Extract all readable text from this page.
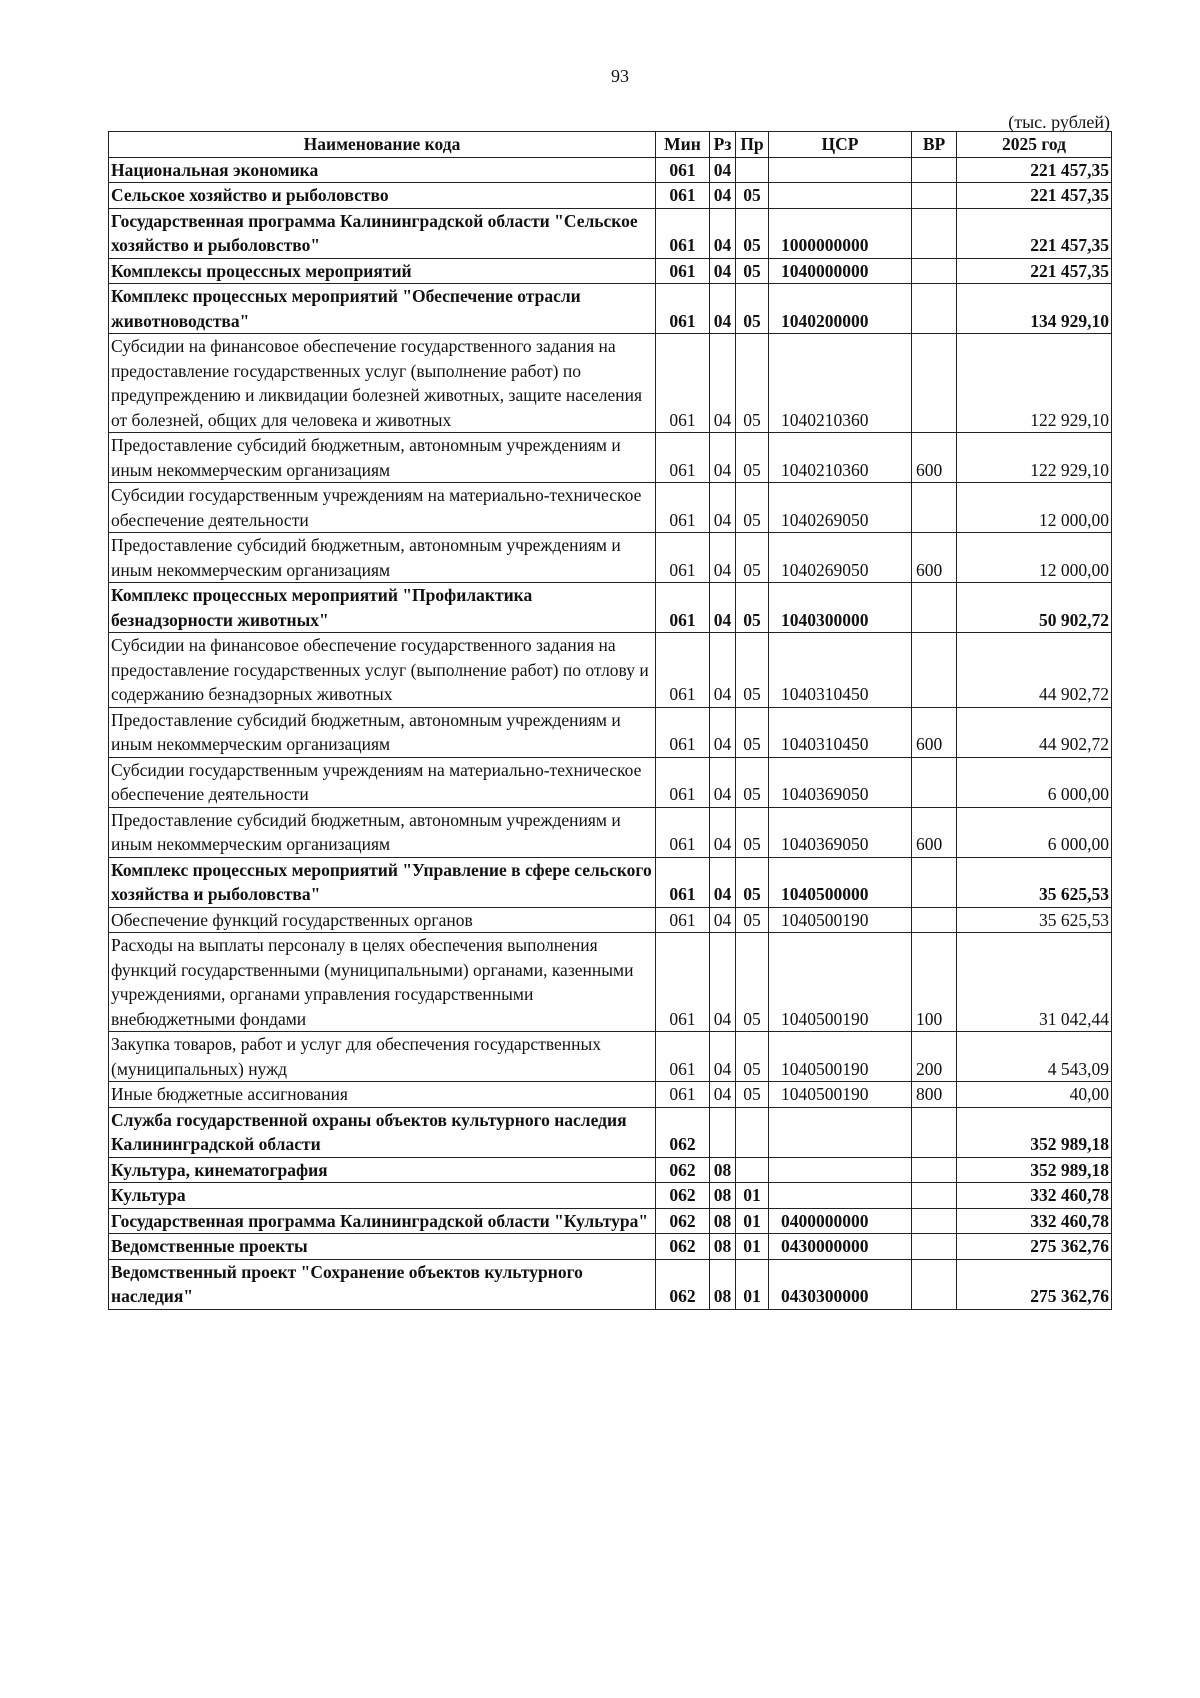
93
(тыс. рублей)
Наименование кода	Мин	Рз	Пр	ЦСР	ВР	2025 год
Национальная экономика	061	04				221 457,35
Сельское хозяйство и рыболовство	061	04	05			221 457,35
Государственная программа Калининградской области "Сельское хозяйство и рыболовство"	061	04	05	1000000000		221 457,35
Комплексы процессных мероприятий	061	04	05	1040000000		221 457,35
Комплекс процессных мероприятий "Обеспечение отрасли животноводства"	061	04	05	1040200000		134 929,10
Субсидии на финансовое обеспечение государственного задания на предоставление государственных услуг (выполнение работ) по предупреждению и ликвидации болезней животных, защите населения от болезней, общих для человека и животных	061	04	05	1040210360		122 929,10
Предоставление субсидий бюджетным, автономным учреждениям и иным некоммерческим организациям	061	04	05	1040210360	600	122 929,10
Субсидии государственным учреждениям на материально-техническое обеспечение деятельности	061	04	05	1040269050		12 000,00
Предоставление субсидий бюджетным, автономным учреждениям и иным некоммерческим организациям	061	04	05	1040269050	600	12 000,00
Комплекс процессных мероприятий "Профилактика безнадзорности животных"	061	04	05	1040300000		50 902,72
Субсидии на финансовое обеспечение государственного задания на предоставление государственных услуг (выполнение работ) по отлову и содержанию безнадзорных животных	061	04	05	1040310450		44 902,72
Предоставление субсидий бюджетным, автономным учреждениям и иным некоммерческим организациям	061	04	05	1040310450	600	44 902,72
Субсидии государственным учреждениям на материально-техническое обеспечение деятельности	061	04	05	1040369050		6 000,00
Предоставление субсидий бюджетным, автономным учреждениям и иным некоммерческим организациям	061	04	05	1040369050	600	6 000,00
Комплекс процессных мероприятий "Управление в сфере сельского хозяйства и рыболовства"	061	04	05	1040500000		35 625,53
Обеспечение функций государственных органов	061	04	05	1040500190		35 625,53
Расходы на выплаты персоналу в целях обеспечения выполнения функций государственными (муниципальными) органами, казенными учреждениями, органами управления государственными внебюджетными фондами	061	04	05	1040500190	100	31 042,44
Закупка товаров, работ и услуг для обеспечения государственных (муниципальных) нужд	061	04	05	1040500190	200	4 543,09
Иные бюджетные ассигнования	061	04	05	1040500190	800	40,00
Служба государственной охраны объектов культурного наследия Калининградской области	062					352 989,18
Культура, кинематография	062	08				352 989,18
Культура	062	08	01			332 460,78
Государственная программа Калининградской области "Культура"	062	08	01	0400000000		332 460,78
Ведомственные проекты	062	08	01	0430000000		275 362,76
Ведомственный проект "Сохранение объектов культурного наследия"	062	08	01	0430300000		275 362,76
